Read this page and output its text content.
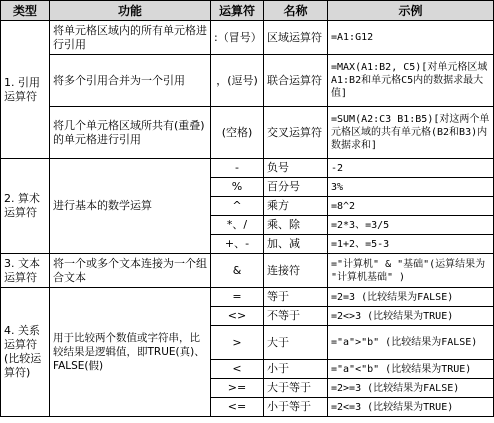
类型	功能	运算符	名称	示例
1. 引用运算符	将单元格区域内的所有单元格进行引用	:（冒号）	区域运算符	=A1:G12
	将多个引用合并为一个引用	，(逗号)	联合运算符	=MAX(A1:B2, C5)[对单元格区域A1:B2和单元格C5内的数据求最大值]
	将几个单元格区域所共有(重叠)的单元格进行引用	(空格)	交叉运算符	=SUM(A2:C3 B1:B5)[对这两个单元格区域的共有单元格(B2和B3)内数据求和]
2. 算术运算符	进行基本的数学运算	-	负号	-2
		%	百分号	3%
		^	乘方	=8^2
		*、/	乘、除	=2*3、=3/5
		+、-	加、减	=1+2、=5-3
3. 文本运算符	将一个或多个文本连接为一个组合文本	&	连接符	="计算机" & "基础"(运算结果为 "计算机基础" )
4. 关系运算符(比较运算符)	用于比较两个数值或字符串，比较结果是逻辑值，即TRUE(真)、FALSE(假)	=	等于	=2=3 (比较结果为FALSE)
		<>	不等于	=2<>3 (比较结果为TRUE)
		>	大于	="a">"b" (比较结果为FALSE)
		<	小于	="a"<"b" (比较结果为TRUE)
		>=	大于等于	=2>=3 (比较结果为FALSE)
		<=	小于等于	=2<=3 (比较结果为TRUE)
